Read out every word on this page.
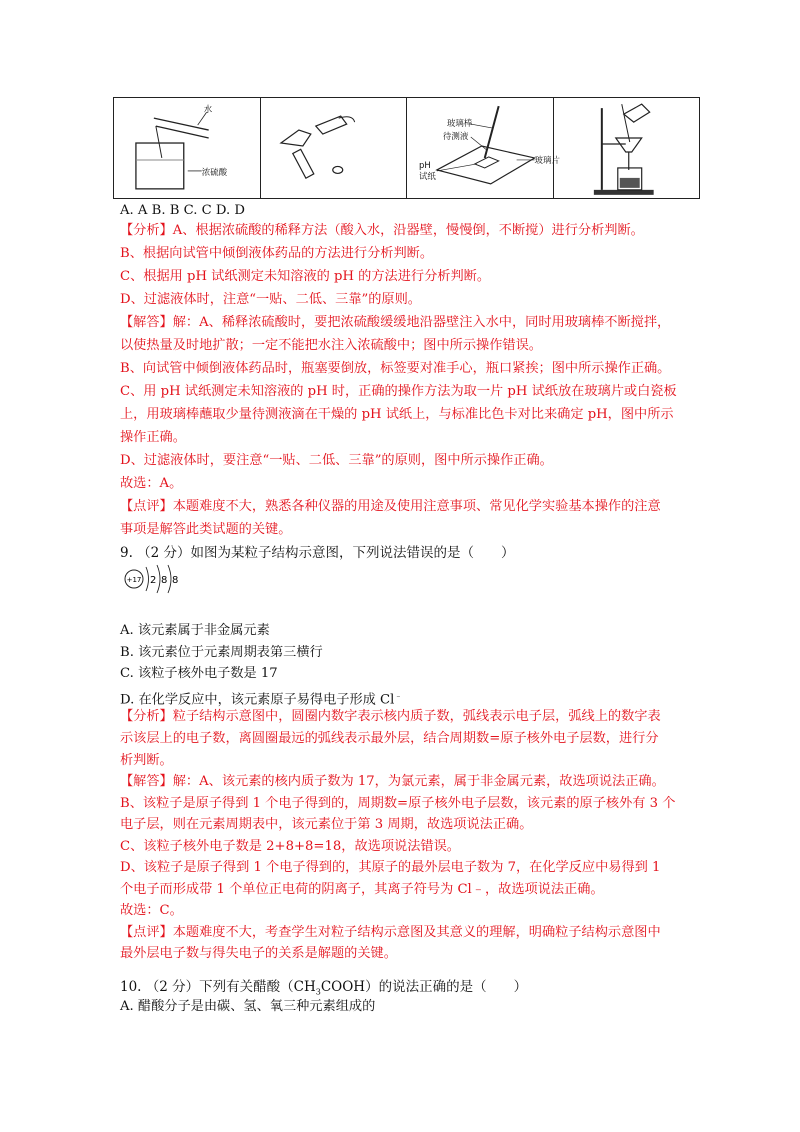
水
浓硫酸

玻璃棒
待测液
pH
试纸
玻璃片

A. A B. B C. C D. D
【分析】A、根据浓硫酸的稀释方法（酸入水，沿器壁，慢慢倒，不断搅）进行分析判断。
B、根据向试管中倾倒液体药品的方法进行分析判断。
C、根据用 pH 试纸测定未知溶液的 pH 的方法进行分析判断。
D、过滤液体时，注意“一贴、二低、三靠”的原则。
【解答】解：A、稀释浓硫酸时，要把浓硫酸缓缓地沿器壁注入水中，同时用玻璃棒不断搅拌，
以使热量及时地扩散；一定不能把水注入浓硫酸中；图中所示操作错误。
B、向试管中倾倒液体药品时，瓶塞要倒放，标签要对准手心，瓶口紧挨；图中所示操作正确。
C、用 pH 试纸测定未知溶液的 pH 时，正确的操作方法为取一片 pH 试纸放在玻璃片或白瓷板
上，用玻璃棒蘸取少量待测液滴在干燥的 pH 试纸上，与标准比色卡对比来确定 pH，图中所示
操作正确。
D、过滤液体时，要注意“一贴、二低、三靠”的原则，图中所示操作正确。
故选：A。
【点评】本题难度不大，熟悉各种仪器的用途及使用注意事项、常见化学实验基本操作的注意
事项是解答此类试题的关键。
9. （2 分）如图为某粒子结构示意图，下列说法错误的是（　　）
+17 2 8 8
A. 该元素属于非金属元素
B. 该元素位于元素周期表第三横行
C. 该粒子核外电子数是 17
D. 在化学反应中，该元素原子易得电子形成 Cl﹣
【分析】粒子结构示意图中，圆圈内数字表示核内质子数，弧线表示电子层，弧线上的数字表
示该层上的电子数，离圆圈最远的弧线表示最外层，结合周期数=原子核外电子层数，进行分
析判断。
【解答】解：A、该元素的核内质子数为 17，为氯元素，属于非金属元素，故选项说法正确。
B、该粒子是原子得到 1 个电子得到的，周期数=原子核外电子层数，该元素的原子核外有 3 个
电子层，则在元素周期表中，该元素位于第 3 周期，故选项说法正确。
C、该粒子核外电子数是 2+8+8=18，故选项说法错误。
D、该粒子是原子得到 1 个电子得到的，其原子的最外层电子数为 7，在化学反应中易得到 1
个电子而形成带 1 个单位正电荷的阴离子，其离子符号为 Cl﹣，故选项说法正确。
故选：C。
【点评】本题难度不大，考查学生对粒子结构示意图及其意义的理解，明确粒子结构示意图中
最外层电子数与得失电子的关系是解题的关键。
10. （2 分）下列有关醋酸$(CH_3COOH)$的说法正确的是（　　）
A. 醋酸分子是由碳、氢、氧三种元素组成的
